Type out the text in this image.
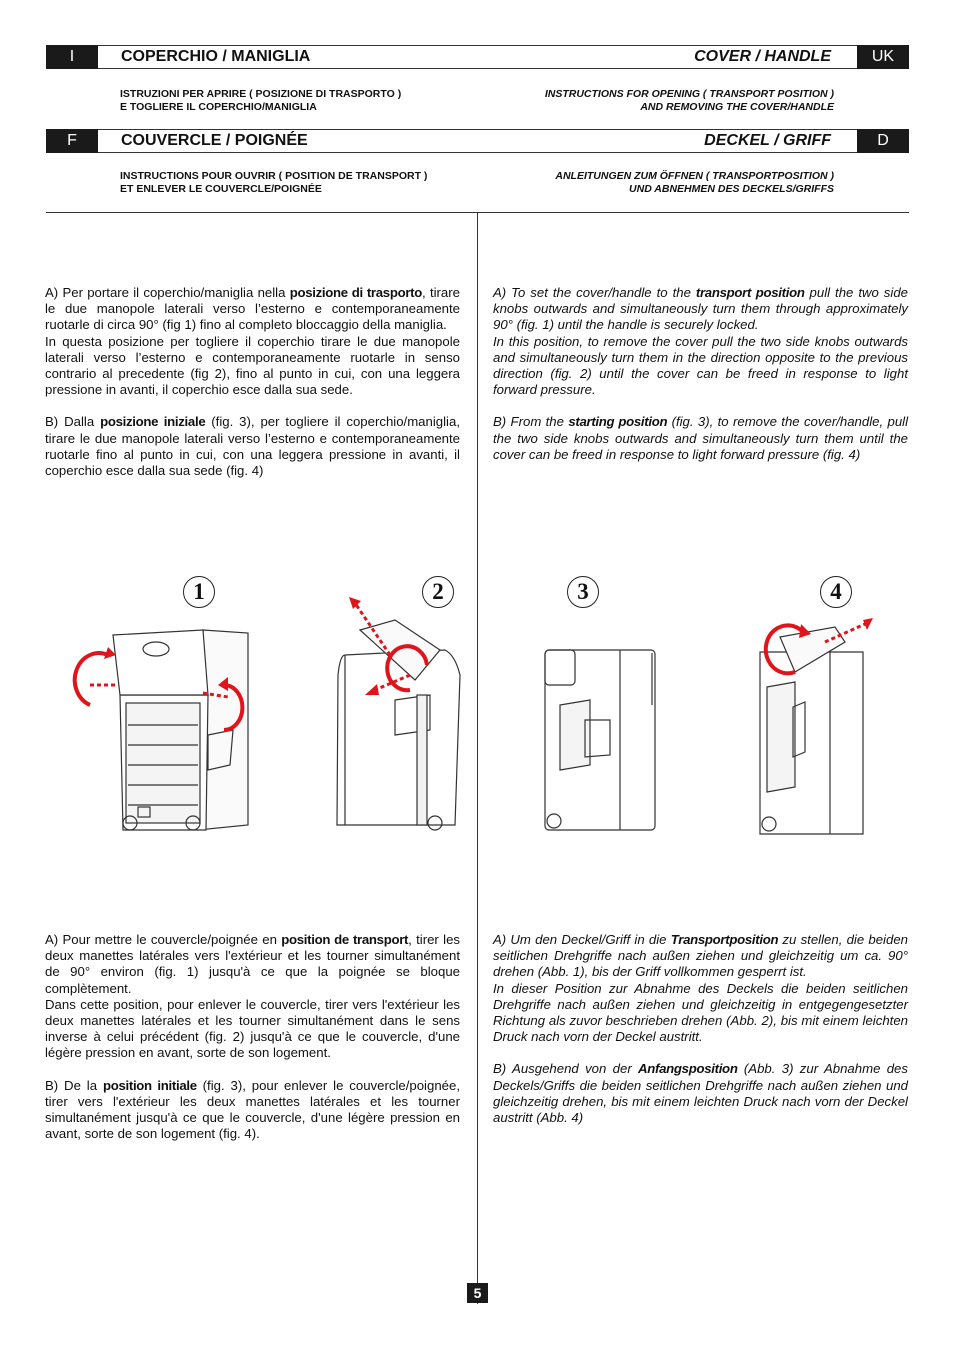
I	COPERCHIO / MANIGLIA	COVER / HANDLE	UK
ISTRUZIONI PER APRIRE ( POSIZIONE DI TRASPORTO )
E TOGLIERE IL COPERCHIO/MANIGLIA
INSTRUCTIONS FOR OPENING ( TRANSPORT POSITION )
AND REMOVING THE COVER/HANDLE
F	COUVERCLE / POIGNÉE	DECKEL / GRIFF	D
INSTRUCTIONS POUR OUVRIR ( POSITION DE TRANSPORT )
ET ENLEVER LE COUVERCLE/POIGNÉE
ANLEITUNGEN ZUM ÖFFNEN ( TRANSPORTPOSITION )
UND ABNEHMEN DES DECKELS/GRIFFS

A) Per portare il coperchio/maniglia nella posizione di trasporto, tirare le due manopole laterali verso l’esterno e contemporaneamente ruotarle di circa 90° (fig 1) fino al completo bloccaggio della maniglia.

In questa posizione per togliere il coperchio tirare le due manopole laterali verso l’esterno e contemporaneamente ruotarle in senso contrario al precedente (fig 2), fino al punto in cui, con una leggera pressione in avanti, il coperchio esce dalla sua sede.

B) Dalla posizione iniziale (fig. 3), per togliere il coperchio/maniglia, tirare le due manopole laterali verso l’esterno e contemporaneamente ruotarle fino al punto in cui, con una leggera pressione in avanti, il coperchio esce dalla sua sede (fig. 4)

A) To set the cover/handle to the transport position pull the two side knobs outwards and simultaneously turn them through approximately 90° (fig. 1) until the handle is securely locked.

In this position, to remove the cover pull the two side knobs outwards and simultaneously turn them in the direction opposite to the previous direction (fig. 2) until the cover can be freed in response to light forward pressure.

B) From the starting position (fig. 3), to remove the cover/handle, pull the two side knobs outwards and simultaneously turn them until the cover can be freed in response to light forward pressure (fig. 4)

1	2	3	4

A) Pour mettre le couvercle/poignée en position de transport, tirer les deux manettes latérales vers l'extérieur et les tourner simultanément de 90° environ (fig. 1) jusqu'à ce que la poignée se bloque complètement.

Dans cette position, pour enlever le couvercle, tirer vers l'extérieur les deux manettes latérales et les tourner simultanément dans le sens inverse à celui précédent (fig. 2) jusqu'à ce que le couvercle, d'une légère pression en avant, sorte de son logement.

B) De la position initiale (fig. 3), pour enlever le couvercle/poignée, tirer vers l'extérieur les deux manettes latérales et les tourner simultanément jusqu'à ce que le couvercle, d'une légère pression en avant, sorte de son logement (fig. 4).

A) Um den Deckel/Griff in die Transportposition zu stellen, die beiden seitlichen Drehgriffe nach außen ziehen und gleichzeitig um ca. 90° drehen (Abb. 1), bis der Griff vollkommen gesperrt ist.

In dieser Position zur Abnahme des Deckels die beiden seitlichen Drehgriffe nach außen ziehen und gleichzeitig in entgegengesetzter Richtung als zuvor beschrieben drehen (Abb. 2), bis mit einem leichten Druck nach vorn der Deckel austritt.

B) Ausgehend von der Anfangsposition (Abb. 3) zur Abnahme des Deckels/Griffs die beiden seitlichen Drehgriffe nach außen ziehen und gleichzeitig drehen, bis mit einem leichten Druck nach vorn der Deckel austritt (Abb. 4)

5
